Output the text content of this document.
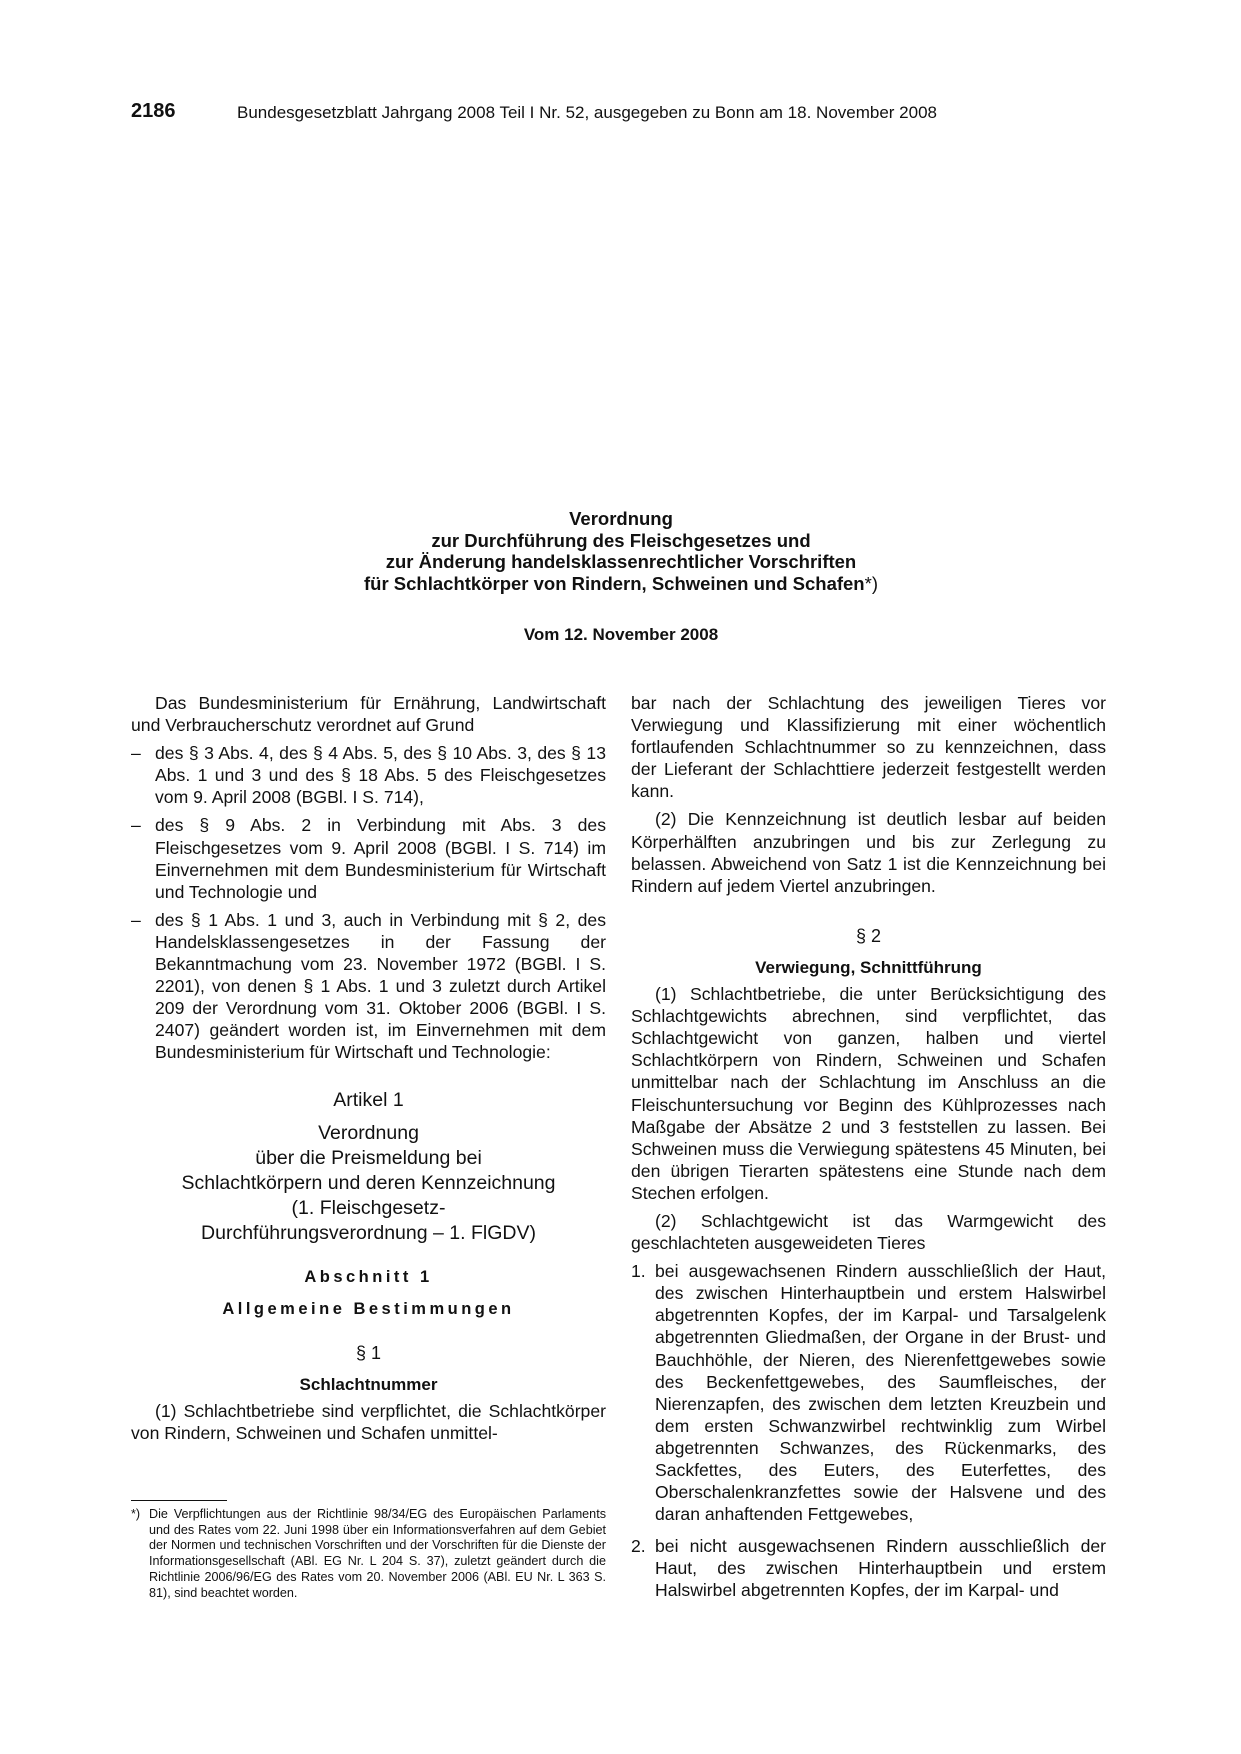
2186	Bundesgesetzblatt Jahrgang 2008 Teil I Nr. 52, ausgegeben zu Bonn am 18. November 2008
Verordnung
zur Durchführung des Fleischgesetzes und
zur Änderung handelsklassenrechtlicher Vorschriften
für Schlachtkörper von Rindern, Schweinen und Schafen*)
Vom 12. November 2008

Das Bundesministerium für Ernährung, Landwirtschaft und Verbraucherschutz verordnet auf Grund

– des § 3 Abs. 4, des § 4 Abs. 5, des § 10 Abs. 3, des § 13 Abs. 1 und 3 und des § 18 Abs. 5 des Fleischgesetzes vom 9. April 2008 (BGBl. I S. 714),
– des § 9 Abs. 2 in Verbindung mit Abs. 3 des Fleischgesetzes vom 9. April 2008 (BGBl. I S. 714) im Einvernehmen mit dem Bundesministerium für Wirtschaft und Technologie und
– des § 1 Abs. 1 und 3, auch in Verbindung mit § 2, des Handelsklassengesetzes in der Fassung der Bekanntmachung vom 23. November 1972 (BGBl. I S. 2201), von denen § 1 Abs. 1 und 3 zuletzt durch Artikel 209 der Verordnung vom 31. Oktober 2006 (BGBl. I S. 2407) geändert worden ist, im Einvernehmen mit dem Bundesministerium für Wirtschaft und Technologie:
Artikel 1
Verordnung
über die Preismeldung bei
Schlachtkörpern und deren Kennzeichnung
(1. Fleischgesetz-
Durchführungsverordnung – 1. FlGDV)
Abschnitt 1
Allgemeine Bestimmungen
§ 1
Schlachtnummer

(1) Schlachtbetriebe sind verpflichtet, die Schlachtkörper von Rindern, Schweinen und Schafen unmittel-

bar nach der Schlachtung des jeweiligen Tieres vor Verwiegung und Klassifizierung mit einer wöchentlich fortlaufenden Schlachtnummer so zu kennzeichnen, dass der Lieferant der Schlachttiere jederzeit festgestellt werden kann.

(2) Die Kennzeichnung ist deutlich lesbar auf beiden Körperhälften anzubringen und bis zur Zerlegung zu belassen. Abweichend von Satz 1 ist die Kennzeichnung bei Rindern auf jedem Viertel anzubringen.

§ 2
Verwiegung, Schnittführung

(1) Schlachtbetriebe, die unter Berücksichtigung des Schlachtgewichts abrechnen, sind verpflichtet, das Schlachtgewicht von ganzen, halben und viertel Schlachtkörpern von Rindern, Schweinen und Schafen unmittelbar nach der Schlachtung im Anschluss an die Fleischuntersuchung vor Beginn des Kühlprozesses nach Maßgabe der Absätze 2 und 3 feststellen zu lassen. Bei Schweinen muss die Verwiegung spätestens 45 Minuten, bei den übrigen Tierarten spätestens eine Stunde nach dem Stechen erfolgen.

(2) Schlachtgewicht ist das Warmgewicht des geschlachteten ausgeweideten Tieres

1. bei ausgewachsenen Rindern ausschließlich der Haut, des zwischen Hinterhauptbein und erstem Halswirbel abgetrennten Kopfes, der im Karpal- und Tarsalgelenk abgetrennten Gliedmaßen, der Organe in der Brust- und Bauchhöhle, der Nieren, des Nierenfettgewebes sowie des Beckenfettgewebes, des Saumfleisches, der Nierenzapfen, des zwischen dem letzten Kreuzbein und dem ersten Schwanzwirbel rechtwinklig zum Wirbel abgetrennten Schwanzes, des Rückenmarks, des Sackfettes, des Euters, des Euterfettes, des Oberschalenkranzfettes sowie der Halsvene und des daran anhaftenden Fettgewebes,
2. bei nicht ausgewachsenen Rindern ausschließlich der Haut, des zwischen Hinterhauptbein und erstem Halswirbel abgetrennten Kopfes, der im Karpal- und
*) Die Verpflichtungen aus der Richtlinie 98/34/EG des Europäischen Parlaments und des Rates vom 22. Juni 1998 über ein Informationsverfahren auf dem Gebiet der Normen und technischen Vorschriften und der Vorschriften für die Dienste der Informationsgesellschaft (ABl. EG Nr. L 204 S. 37), zuletzt geändert durch die Richtlinie 2006/96/EG des Rates vom 20. November 2006 (ABl. EU Nr. L 363 S. 81), sind beachtet worden.
